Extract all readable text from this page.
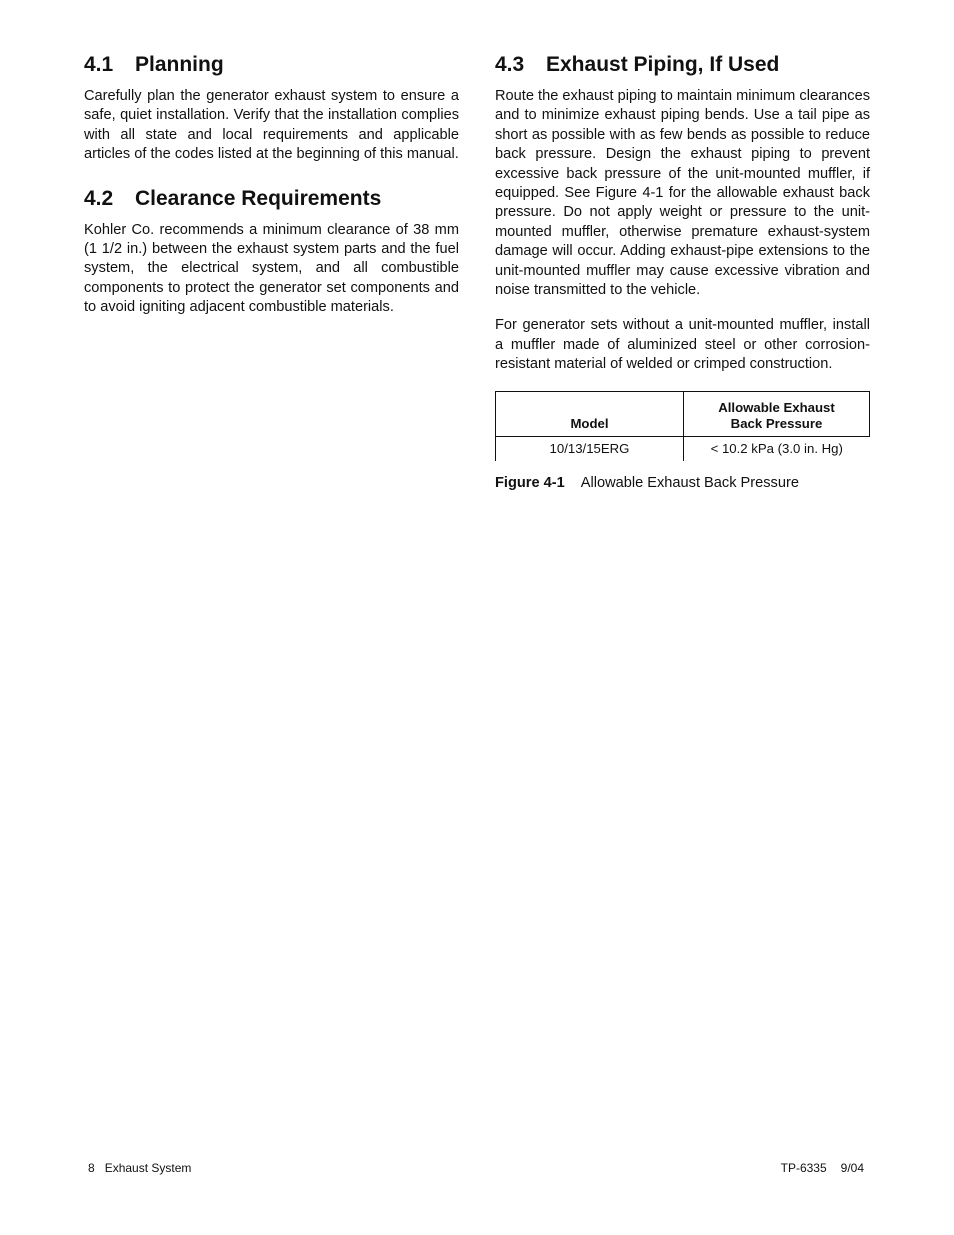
4.1 Planning

Carefully plan the generator exhaust system to ensure a safe, quiet installation. Verify that the installation complies with all state and local requirements and applicable articles of the codes listed at the beginning of this manual.

4.2 Clearance Requirements

Kohler Co. recommends a minimum clearance of 38 mm (1 1/2 in.) between the exhaust system parts and the fuel system, the electrical system, and all combustible components to protect the generator set components and to avoid igniting adjacent combustible materials.

4.3 Exhaust Piping, If Used

Route the exhaust piping to maintain minimum clearances and to minimize exhaust piping bends. Use a tail pipe as short as possible with as few bends as possible to reduce back pressure. Design the exhaust piping to prevent excessive back pressure of the unit-mounted muffler, if equipped. See Figure 4-1 for the allowable exhaust back pressure. Do not apply weight or pressure to the unit-mounted muffler, otherwise premature exhaust-system damage will occur. Adding exhaust-pipe extensions to the unit-mounted muffler may cause excessive vibration and noise transmitted to the vehicle.

For generator sets without a unit-mounted muffler, install a muffler made of aluminized steel or other corrosion-resistant material of welded or crimped construction.

Model	Allowable Exhaust
Back Pressure
10/13/15ERG	< 10.2 kPa (3.0 in. Hg)
Figure 4-1 Allowable Exhaust Back Pressure
8 Exhaust System	TP-6335 9/04
